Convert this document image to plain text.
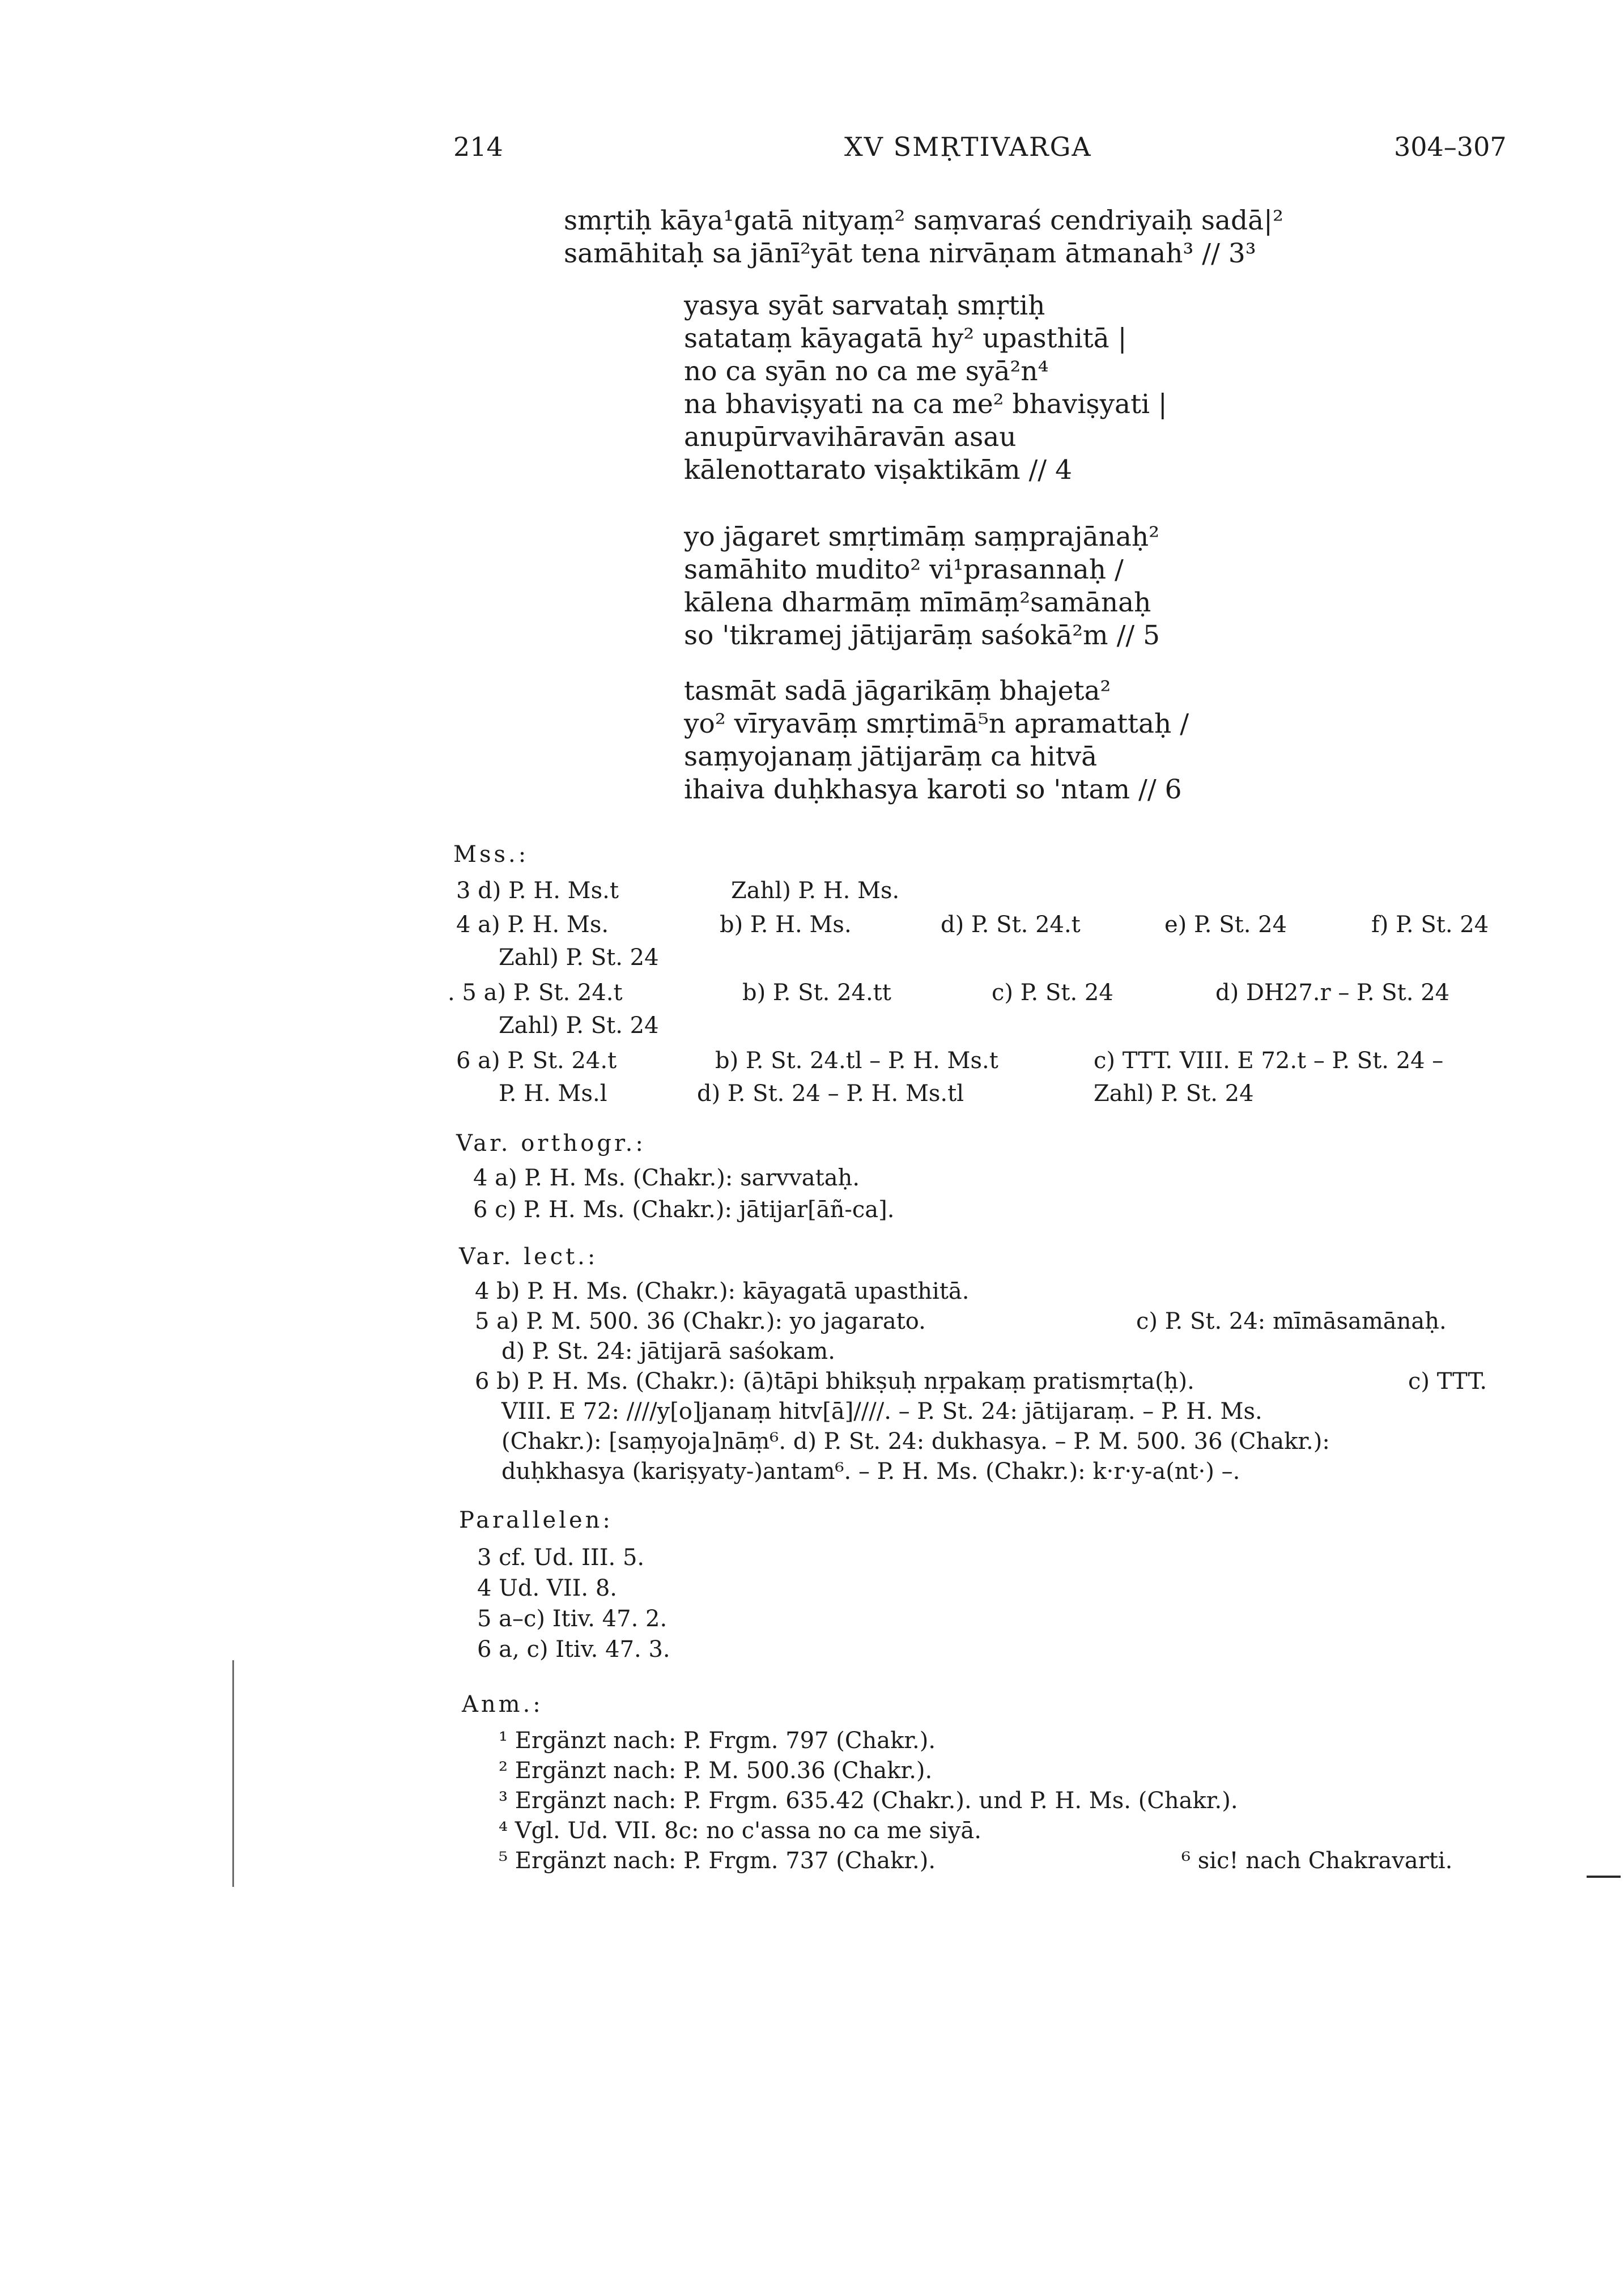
214	XV SMṚTIVARGA	304–307
smṛtiḥ kāya¹gatā nityaṃ² saṃvaraś cendriyaiḥ sadā|²
samāhitaḥ sa jānī²yāt tena nirvāṇam ātmanah³ // 3³
yasya syāt sarvataḥ smṛtiḥ
satataṃ kāyagatā hy² upasthitā |
no ca syān no ca me syā²n⁴
na bhaviṣyati na ca me² bhaviṣyati |
anupūrvavihāravān asau
kālenottarato viṣaktikām // 4
yo jāgaret smṛtimāṃ saṃprajānaḥ²
samāhito mudito² vi¹prasannaḥ /
kālena dharmāṃ mīmāṃ²samānaḥ
so 'tikramej jātijarāṃ saśokā²m // 5
tasmāt sadā jāgarikāṃ bhajeta²
yo² vīryavāṃ smṛtimā⁵n apramattaḥ /
saṃyojanaṃ jātijarāṃ ca hitvā
ihaiva duḥkhasya karoti so 'ntam // 6
Mss.:
3 d) P. H. Ms.t	Zahl) P. H. Ms.
4 a) P. H. Ms.	b) P. H. Ms.	d) P. St. 24.t	e) P. St. 24	f) P. St. 24
Zahl) P. St. 24
. 5 a) P. St. 24.t	b) P. St. 24.tt	c) P. St. 24	d) DH27.r – P. St. 24
Zahl) P. St. 24
6 a) P. St. 24.t	b) P. St. 24.tl – P. H. Ms.t	c) TTT. VIII. E 72.t – P. St. 24 –
P. H. Ms.l	d) P. St. 24 – P. H. Ms.tl	Zahl) P. St. 24
Var. orthogr.:
4 a) P. H. Ms. (Chakr.): sarvvataḥ.
6 c) P. H. Ms. (Chakr.): jātijar[āñ-ca].
Var. lect.:
4 b) P. H. Ms. (Chakr.): kāyagatā upasthitā.
5 a) P. M. 500. 36 (Chakr.): yo jagarato.	c) P. St. 24: mīmāsamānaḥ.
d) P. St. 24: jātijarā saśokam.
6 b) P. H. Ms. (Chakr.): (ā)tāpi bhikṣuḥ nṛpakaṃ pratismṛta(ḥ).	c) TTT.
VIII. E 72: ////y[o]janaṃ hitv[ā]////. – P. St. 24: jātijaraṃ. – P. H. Ms.
(Chakr.): [saṃyoja]nāṃ⁶. d) P. St. 24: dukhasya. – P. M. 500. 36 (Chakr.):
duḥkhasya (kariṣyaty-)antam⁶. – P. H. Ms. (Chakr.): k·r·y-a(nt·) –.
Parallelen:
3 cf. Ud. III. 5.
4 Ud. VII. 8.
5 a–c) Itiv. 47. 2.
6 a, c) Itiv. 47. 3.
Anm.:
¹ Ergänzt nach: P. Frgm. 797 (Chakr.).
² Ergänzt nach: P. M. 500.36 (Chakr.).
³ Ergänzt nach: P. Frgm. 635.42 (Chakr.). und P. H. Ms. (Chakr.).
⁴ Vgl. Ud. VII. 8c: no c'assa no ca me siyā.
⁵ Ergänzt nach: P. Frgm. 737 (Chakr.).	⁶ sic! nach Chakravarti.
